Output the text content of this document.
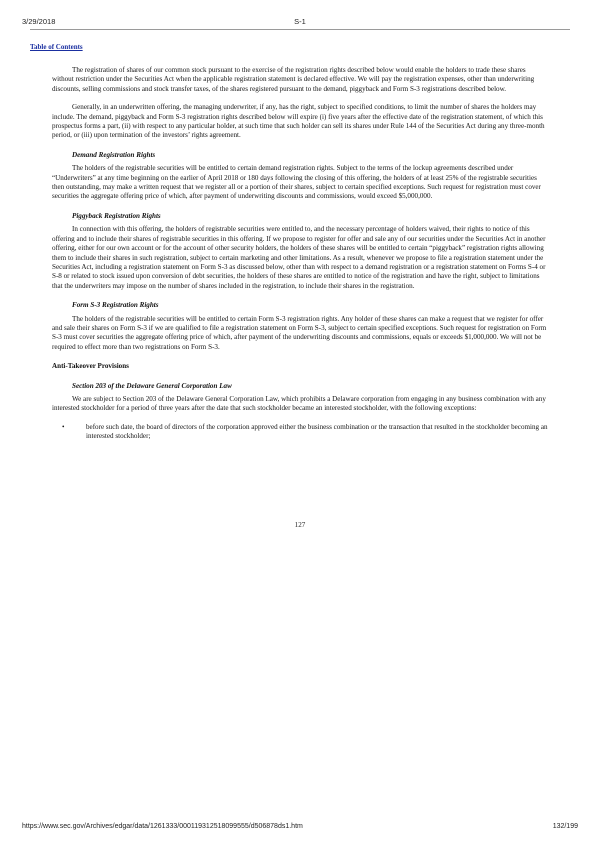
3/29/2018	S-1
Table of Contents

The registration of shares of our common stock pursuant to the exercise of the registration rights described below would enable the holders to trade these shares without restriction under the Securities Act when the applicable registration statement is declared effective. We will pay the registration expenses, other than underwriting discounts, selling commissions and stock transfer taxes, of the shares registered pursuant to the demand, piggyback and Form S-3 registrations described below.

Generally, in an underwritten offering, the managing underwriter, if any, has the right, subject to specified conditions, to limit the number of shares the holders may include. The demand, piggyback and Form S-3 registration rights described below will expire (i) five years after the effective date of the registration statement, of which this prospectus forms a part, (ii) with respect to any particular holder, at such time that such holder can sell its shares under Rule 144 of the Securities Act during any three-month period, or (iii) upon termination of the investors’ rights agreement.

Demand Registration Rights

The holders of the registrable securities will be entitled to certain demand registration rights. Subject to the terms of the lockup agreements described under “Underwriters” at any time beginning on the earlier of April 2018 or 180 days following the closing of this offering, the holders of at least 25% of the registrable securities then outstanding, may make a written request that we register all or a portion of their shares, subject to certain specified exceptions. Such request for registration must cover securities the aggregate offering price of which, after payment of underwriting discounts and commissions, would exceed $5,000,000.

Piggyback Registration Rights

In connection with this offering, the holders of registrable securities were entitled to, and the necessary percentage of holders waived, their rights to notice of this offering and to include their shares of registrable securities in this offering. If we propose to register for offer and sale any of our securities under the Securities Act in another offering, either for our own account or for the account of other security holders, the holders of these shares will be entitled to certain “piggyback” registration rights allowing them to include their shares in such registration, subject to certain marketing and other limitations. As a result, whenever we propose to file a registration statement under the Securities Act, including a registration statement on Form S-3 as discussed below, other than with respect to a demand registration or a registration statement on Forms S-4 or S-8 or related to stock issued upon conversion of debt securities, the holders of these shares are entitled to notice of the registration and have the right, subject to limitations that the underwriters may impose on the number of shares included in the registration, to include their shares in the registration.

Form S-3 Registration Rights

The holders of the registrable securities will be entitled to certain Form S-3 registration rights. Any holder of these shares can make a request that we register for offer and sale their shares on Form S-3 if we are qualified to file a registration statement on Form S-3, subject to certain specified exceptions. Such request for registration on Form S-3 must cover securities the aggregate offering price of which, after payment of the underwriting discounts and commissions, equals or exceeds $1,000,000. We will not be required to effect more than two registrations on Form S-3.

Anti-Takeover Provisions
Section 203 of the Delaware General Corporation Law

We are subject to Section 203 of the Delaware General Corporation Law, which prohibits a Delaware corporation from engaging in any business combination with any interested stockholder for a period of three years after the date that such stockholder became an interested stockholder, with the following exceptions:

•	before such date, the board of directors of the corporation approved either the business combination or the transaction that resulted in the stockholder becoming an interested stockholder;
127
https://www.sec.gov/Archives/edgar/data/1261333/000119312518099555/d506878ds1.htm	132/199
